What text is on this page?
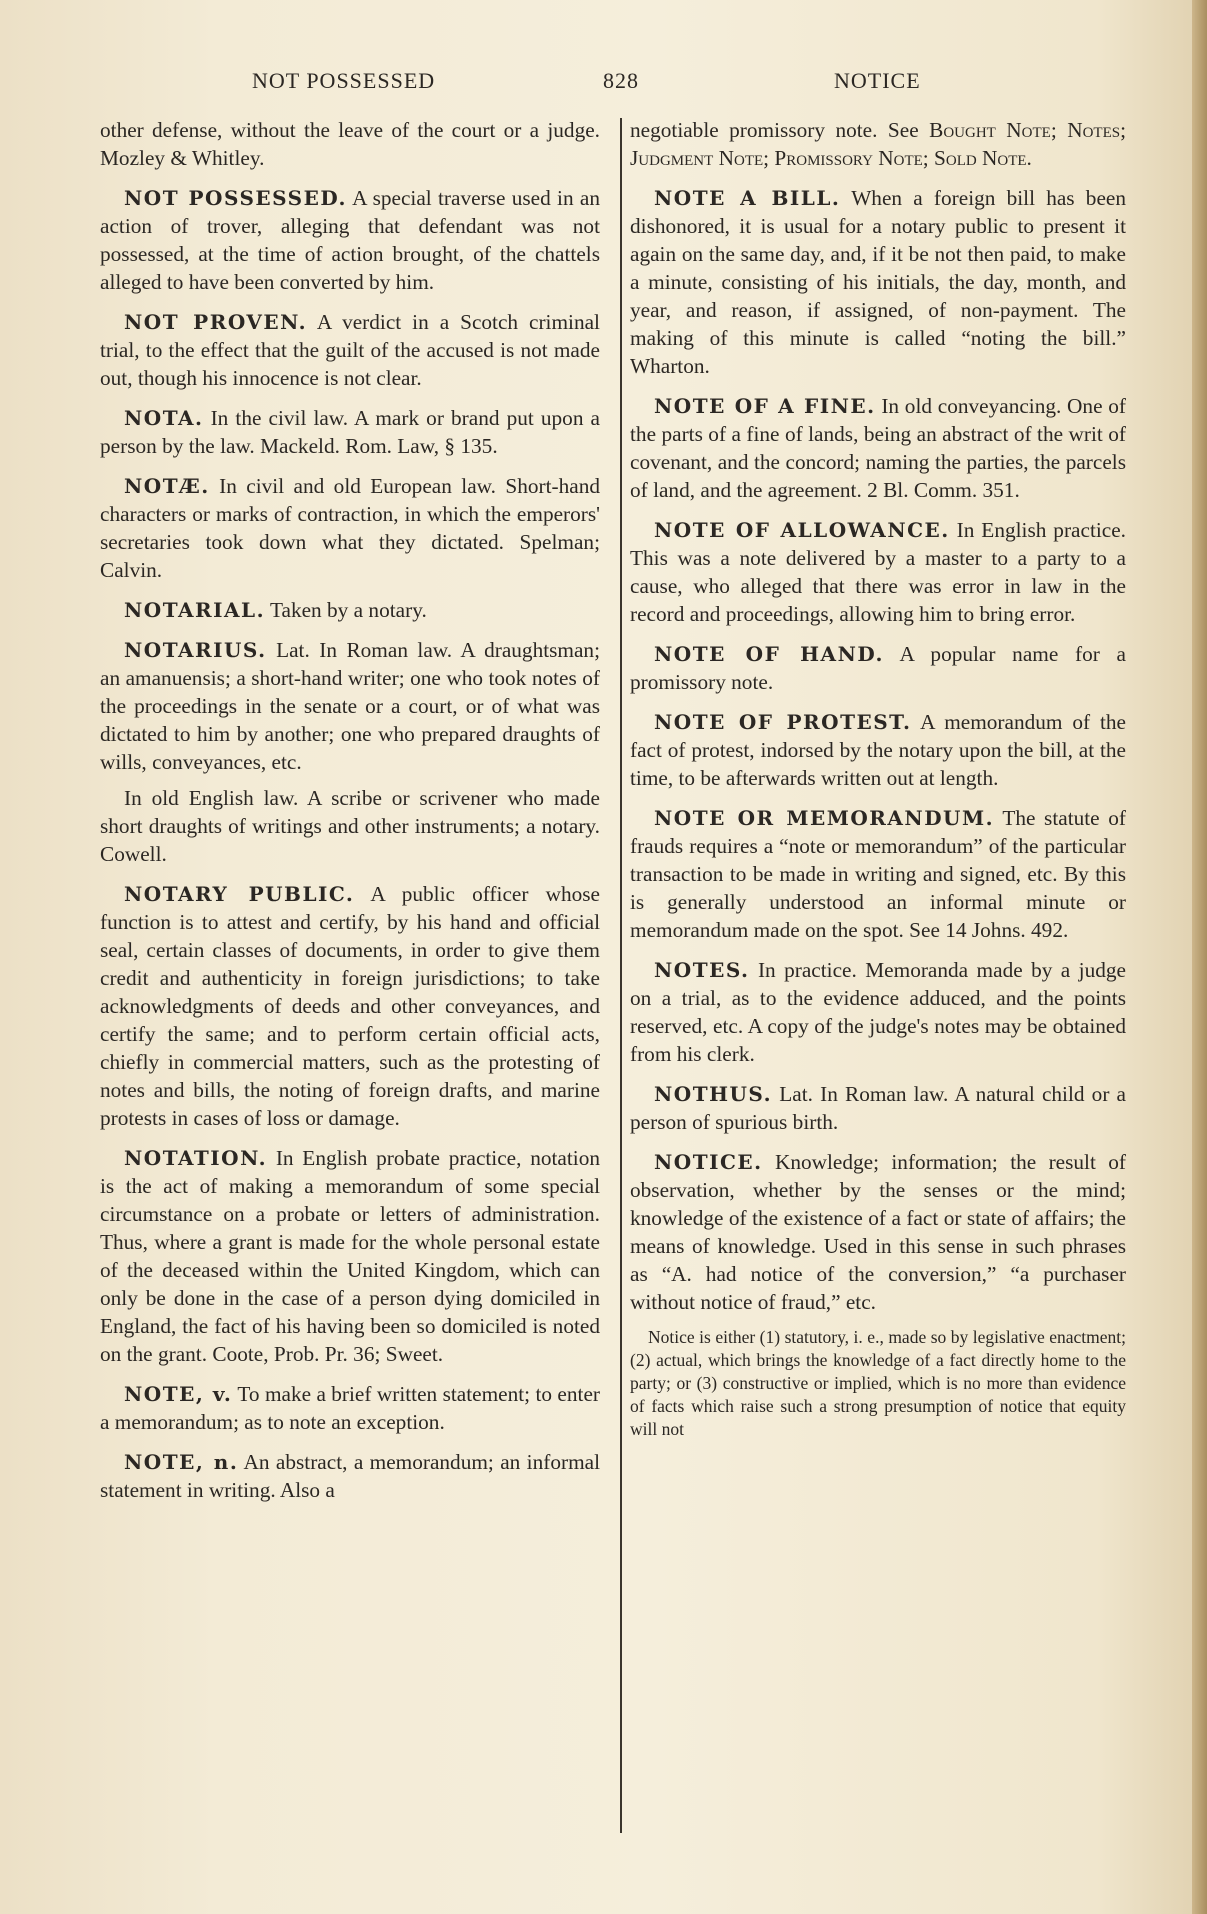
NOT POSSESSED	828	NOTICE

other defense, without the leave of the court or a judge. Mozley & Whitley.

NOT POSSESSED. A special traverse used in an action of trover, alleging that defendant was not possessed, at the time of action brought, of the chattels alleged to have been converted by him.

NOT PROVEN. A verdict in a Scotch criminal trial, to the effect that the guilt of the accused is not made out, though his innocence is not clear.

NOTA. In the civil law. A mark or brand put upon a person by the law. Mackeld. Rom. Law, § 135.

NOTÆ. In civil and old European law. Short-hand characters or marks of contraction, in which the emperors' secretaries took down what they dictated. Spelman; Calvin.

NOTARIAL. Taken by a notary.

NOTARIUS. Lat. In Roman law. A draughtsman; an amanuensis; a short-hand writer; one who took notes of the proceedings in the senate or a court, or of what was dictated to him by another; one who prepared draughts of wills, conveyances, etc.

In old English law. A scribe or scrivener who made short draughts of writings and other instruments; a notary. Cowell.

NOTARY PUBLIC. A public officer whose function is to attest and certify, by his hand and official seal, certain classes of documents, in order to give them credit and authenticity in foreign jurisdictions; to take acknowledgments of deeds and other conveyances, and certify the same; and to perform certain official acts, chiefly in commercial matters, such as the protesting of notes and bills, the noting of foreign drafts, and marine protests in cases of loss or damage.

NOTATION. In English probate practice, notation is the act of making a memorandum of some special circumstance on a probate or letters of administration. Thus, where a grant is made for the whole personal estate of the deceased within the United Kingdom, which can only be done in the case of a person dying domiciled in England, the fact of his having been so domiciled is noted on the grant. Coote, Prob. Pr. 36; Sweet.

NOTE, v. To make a brief written statement; to enter a memorandum; as to note an exception.

NOTE, n. An abstract, a memorandum; an informal statement in writing. Also a

negotiable promissory note. See Bought Note; Notes; Judgment Note; Promissory Note; Sold Note.

NOTE A BILL. When a foreign bill has been dishonored, it is usual for a notary public to present it again on the same day, and, if it be not then paid, to make a minute, consisting of his initials, the day, month, and year, and reason, if assigned, of non-payment. The making of this minute is called “noting the bill.” Wharton.

NOTE OF A FINE. In old conveyancing. One of the parts of a fine of lands, being an abstract of the writ of covenant, and the concord; naming the parties, the parcels of land, and the agreement. 2 Bl. Comm. 351.

NOTE OF ALLOWANCE. In English practice. This was a note delivered by a master to a party to a cause, who alleged that there was error in law in the record and proceedings, allowing him to bring error.

NOTE OF HAND. A popular name for a promissory note.

NOTE OF PROTEST. A memorandum of the fact of protest, indorsed by the notary upon the bill, at the time, to be afterwards written out at length.

NOTE OR MEMORANDUM. The statute of frauds requires a “note or memorandum” of the particular transaction to be made in writing and signed, etc. By this is generally understood an informal minute or memorandum made on the spot. See 14 Johns. 492.

NOTES. In practice. Memoranda made by a judge on a trial, as to the evidence adduced, and the points reserved, etc. A copy of the judge's notes may be obtained from his clerk.

NOTHUS. Lat. In Roman law. A natural child or a person of spurious birth.

NOTICE. Knowledge; information; the result of observation, whether by the senses or the mind; knowledge of the existence of a fact or state of affairs; the means of knowledge. Used in this sense in such phrases as “A. had notice of the conversion,” “a purchaser without notice of fraud,” etc.

Notice is either (1) statutory, i. e., made so by legislative enactment; (2) actual, which brings the knowledge of a fact directly home to the party; or (3) constructive or implied, which is no more than evidence of facts which raise such a strong presumption of notice that equity will not
